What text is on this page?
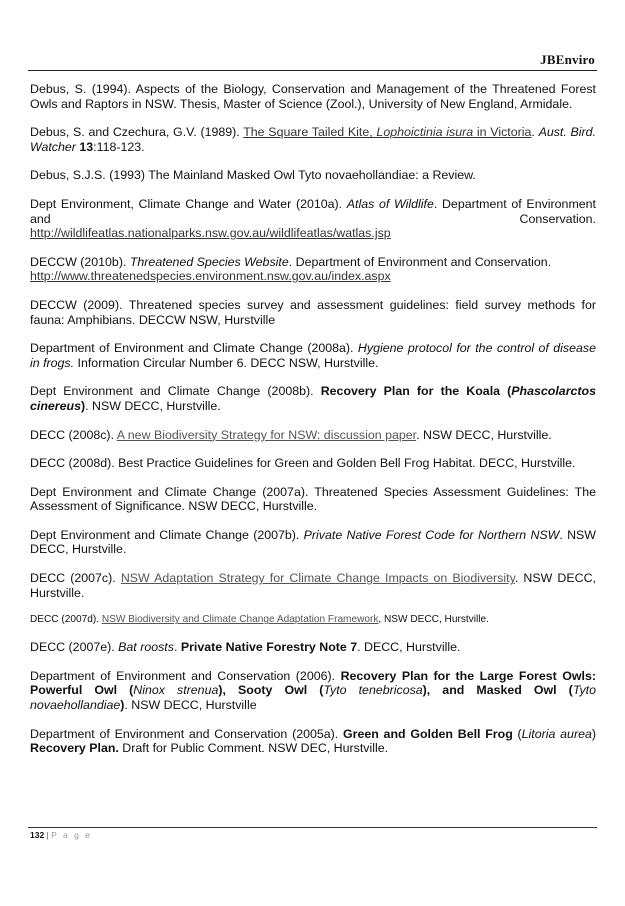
JBEnviro

Debus, S. (1994). Aspects of the Biology, Conservation and Management of the Threatened Forest Owls and Raptors in NSW. Thesis, Master of Science (Zool.), University of New England, Armidale.

Debus, S. and Czechura, G.V. (1989). The Square Tailed Kite, Lophoictinia isura in Victoria. Aust. Bird. Watcher 13:118-123.

Debus, S.J.S. (1993) The Mainland Masked Owl Tyto novaehollandiae: a Review.

Dept Environment, Climate Change and Water (2010a). Atlas of Wildlife. Department of Environment and Conservation.
http://wildlifeatlas.nationalparks.nsw.gov.au/wildlifeatlas/watlas.jsp

DECCW (2010b). Threatened Species Website. Department of Environment and Conservation.
http://www.threatenedspecies.environment.nsw.gov.au/index.aspx

DECCW (2009). Threatened species survey and assessment guidelines: field survey methods for fauna: Amphibians. DECCW NSW, Hurstville

Department of Environment and Climate Change (2008a). Hygiene protocol for the control of disease in frogs. Information Circular Number 6. DECC NSW, Hurstville.

Dept Environment and Climate Change (2008b). Recovery Plan for the Koala (Phascolarctos cinereus). NSW DECC, Hurstville.

DECC (2008c). A new Biodiversity Strategy for NSW: discussion paper. NSW DECC, Hurstville.

DECC (2008d). Best Practice Guidelines for Green and Golden Bell Frog Habitat. DECC, Hurstville.

Dept Environment and Climate Change (2007a). Threatened Species Assessment Guidelines: The Assessment of Significance. NSW DECC, Hurstville.

Dept Environment and Climate Change (2007b). Private Native Forest Code for Northern NSW. NSW DECC, Hurstville.

DECC (2007c). NSW Adaptation Strategy for Climate Change Impacts on Biodiversity. NSW DECC, Hurstville.

DECC (2007d). NSW Biodiversity and Climate Change Adaptation Framework, NSW DECC, Hurstville.

DECC (2007e). Bat roosts. Private Native Forestry Note 7. DECC, Hurstville.

Department of Environment and Conservation (2006). Recovery Plan for the Large Forest Owls: Powerful Owl (Ninox strenua), Sooty Owl (Tyto tenebricosa), and Masked Owl (Tyto novaehollandiae). NSW DECC, Hurstville

Department of Environment and Conservation (2005a). Green and Golden Bell Frog (Litoria aurea) Recovery Plan. Draft for Public Comment. NSW DEC, Hurstville.

132 | P a g e
